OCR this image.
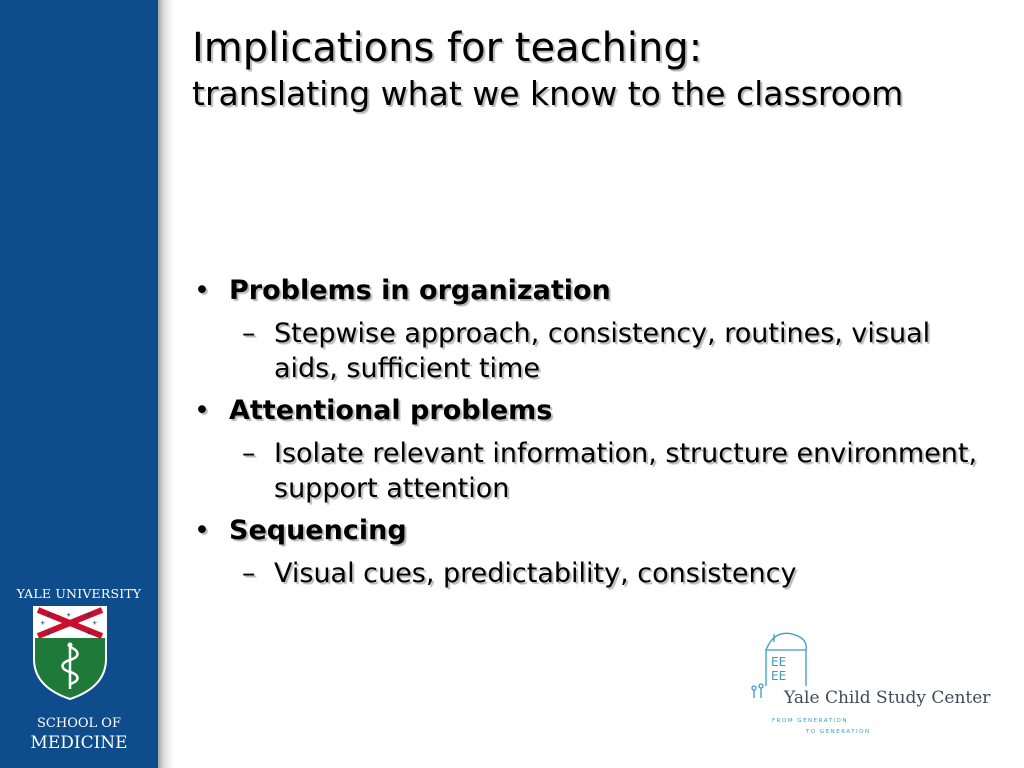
YALE UNIVERSITY
⚜ ⚜ ⚜
⚜	⚜
⚜	⚜
SCHOOL OF
MEDICINE
Implications for teaching:
translating what we know to the classroom
• Problems in organization
– Stepwise approach, consistency, routines, visual aids, sufficient time
• Attentional problems
– Isolate relevant information, structure environment, support attention
• Sequencing
– Visual cues, predictability, consistency
EE
EE
Yale Child Study Center
FROM GENERATION
TO GENERATION
